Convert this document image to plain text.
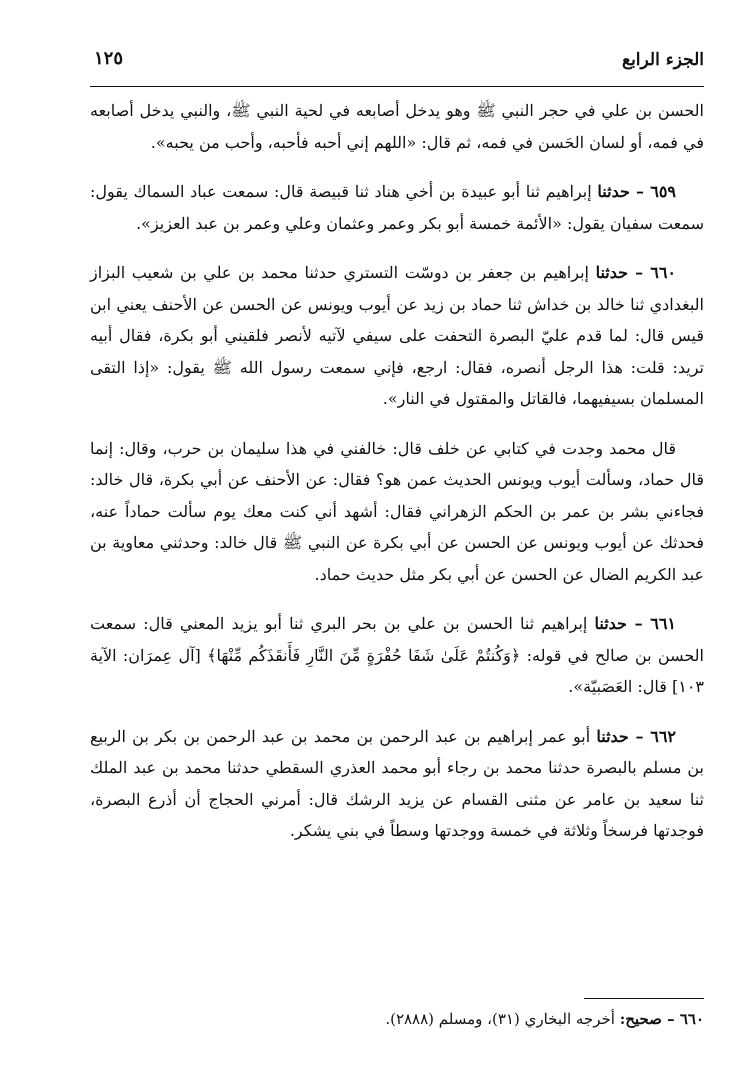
الجزء الرابع
١٢٥

الحسن بن علي في حجر النبي ﷺ وهو يدخل أصابعه في لحية النبي ﷺ، والنبي يدخل أصابعه في فمه، أو لسان الحَسن في فمه، ثم قال: «اللهم إني أحبه فأحبه، وأحب من يحبه».

٦٥٩ – حدثنا إبراهيم ثنا أبو عبيدة بن أخي هناد ثنا قبيصة قال: سمعت عباد السماك يقول: سمعت سفيان يقول: «الأئمة خمسة أبو بكر وعمر وعثمان وعلي وعمر بن عبد العزيز».

٦٦٠ – حدثنا إبراهيم بن جعفر بن دوسّت التستري حدثنا محمد بن علي بن شعيب البزاز البغدادي ثنا خالد بن خداش ثنا حماد بن زيد عن أيوب ويونس عن الحسن عن الأحنف يعني ابن قيس قال: لما قدم عليّ البصرة التحفت على سيفي لآتيه لأنصر فلقيني أبو بكرة، فقال أبيه تريد: قلت: هذا الرجل أنصره، فقال: ارجع، فإني سمعت رسول الله ﷺ يقول: «إذا التقى المسلمان بسيفيهما، فالقاتل والمقتول في النار».

قال محمد وجدت في كتابي عن خلف قال: خالفني في هذا سليمان بن حرب، وقال: إنما قال حماد، وسألت أيوب ويونس الحديث عمن هو؟ فقال: عن الأحنف عن أبي بكرة، قال خالد: فجاءني بشر بن عمر بن الحكم الزهراني فقال: أشهد أني كنت معك يوم سألت حماداً عنه، فحدثك عن أيوب ويونس عن الحسن عن أبي بكرة عن النبي ﷺ قال خالد: وحدثني معاوية بن عبد الكريم الضال عن الحسن عن أبي بكر مثل حديث حماد.

٦٦١ – حدثنا إبراهيم ثنا الحسن بن علي بن بحر البري ثنا أبو يزيد المعني قال: سمعت الحسن بن صالح في قوله: ﴿وَكُنتُمْ عَلَىٰ شَفَا حُفْرَةٍ مِّنَ النَّارِ فَأَنقَذَكُم مِّنْهَا﴾ [آل عِمرَان: الآية ١٠٣] قال: العَصَبيّة».

٦٦٢ – حدثنا أبو عمر إبراهيم بن عبد الرحمن بن محمد بن عبد الرحمن بن بكر بن الربيع بن مسلم بالبصرة حدثنا محمد بن رجاء أبو محمد العذري السقطي حدثنا محمد بن عبد الملك ثنا سعيد بن عامر عن مثنى القسام عن يزيد الرشك قال: أمرني الحجاج أن أذرع البصرة، فوجدتها فرسخاً وثلاثة في خمسة ووجدتها وسطاً في بني يشكر.

٦٦٠ – صحيح: أخرجه البخاري (٣١)، ومسلم (٢٨٨٨).
